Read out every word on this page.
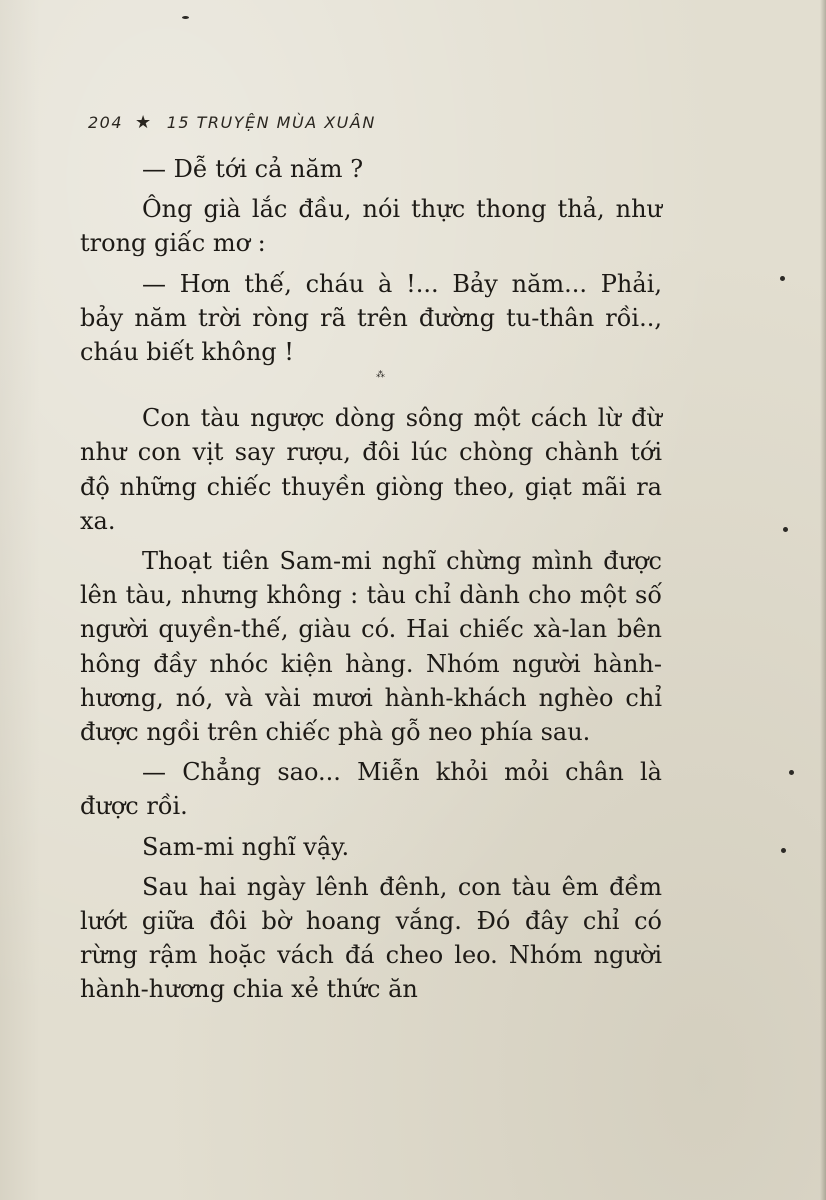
204 ★ 15 TRUYỆN MÙA XUÂN

— Dễ tới cả năm ?

Ông già lắc đầu, nói thực thong thả, như trong giấc mơ :

— Hơn thế, cháu à !... Bảy năm... Phải, bảy năm trời ròng rã trên đường tu-thân rồi.., cháu biết không !

⁂

Con tàu ngược dòng sông một cách lừ đừ như con vịt say rượu, đôi lúc chòng chành tới độ những chiếc thuyền giòng theo, giạt mãi ra xa.

Thoạt tiên Sam-mi nghĩ chừng mình được lên tàu, nhưng không : tàu chỉ dành cho một số người quyền-thế, giàu có. Hai chiếc xà-lan bên hông đầy nhóc kiện hàng. Nhóm người hành-hương, nó, và vài mươi hành-khách nghèo chỉ được ngồi trên chiếc phà gỗ neo phía sau.

— Chẳng sao... Miễn khỏi mỏi chân là được rồi.

Sam-mi nghĩ vậy.

Sau hai ngày lênh đênh, con tàu êm đềm lướt giữa đôi bờ hoang vắng. Đó đây chỉ có rừng rậm hoặc vách đá cheo leo. Nhóm người hành-hương chia xẻ thức ăn
